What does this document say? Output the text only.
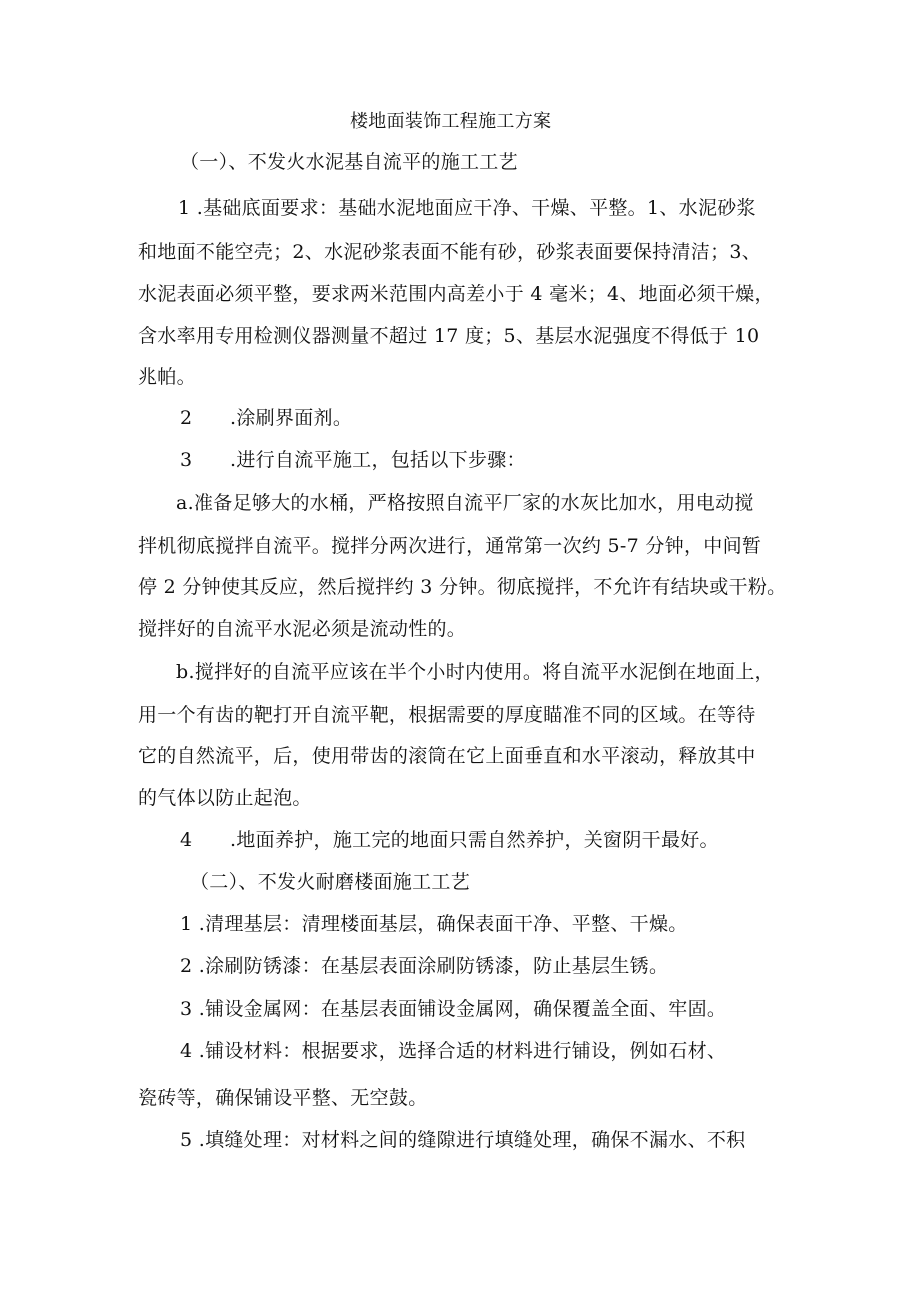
楼地面装饰工程施工方案
（一）、不发火水泥基自流平的施工工艺
1 .基础底面要求：基础水泥地面应干净、干燥、平整。1、水泥砂浆
和地面不能空壳；2、水泥砂浆表面不能有砂，砂浆表面要保持清洁；3、
水泥表面必须平整，要求两米范围内高差小于 4 毫米；4、地面必须干燥，
含水率用专用检测仪器测量不超过 17 度；5、基层水泥强度不得低于 10
兆帕。
2 .涂刷界面剂。
3 .进行自流平施工，包括以下步骤：
a.准备足够大的水桶，严格按照自流平厂家的水灰比加水，用电动搅
拌机彻底搅拌自流平。搅拌分两次进行，通常第一次约 5-7 分钟，中间暂
停 2 分钟使其反应，然后搅拌约 3 分钟。彻底搅拌，不允许有结块或干粉。
搅拌好的自流平水泥必须是流动性的。
b.搅拌好的自流平应该在半个小时内使用。将自流平水泥倒在地面上，
用一个有齿的靶打开自流平靶，根据需要的厚度瞄准不同的区域。在等待
它的自然流平，后，使用带齿的滚筒在它上面垂直和水平滚动，释放其中
的气体以防止起泡。
4 .地面养护，施工完的地面只需自然养护，关窗阴干最好。
（二）、不发火耐磨楼面施工工艺
1 .清理基层：清理楼面基层，确保表面干净、平整、干燥。
2 .涂刷防锈漆：在基层表面涂刷防锈漆，防止基层生锈。
3 .铺设金属网：在基层表面铺设金属网，确保覆盖全面、牢固。
4 .铺设材料：根据要求，选择合适的材料进行铺设，例如石材、
瓷砖等，确保铺设平整、无空鼓。
5 .填缝处理：对材料之间的缝隙进行填缝处理，确保不漏水、不积
